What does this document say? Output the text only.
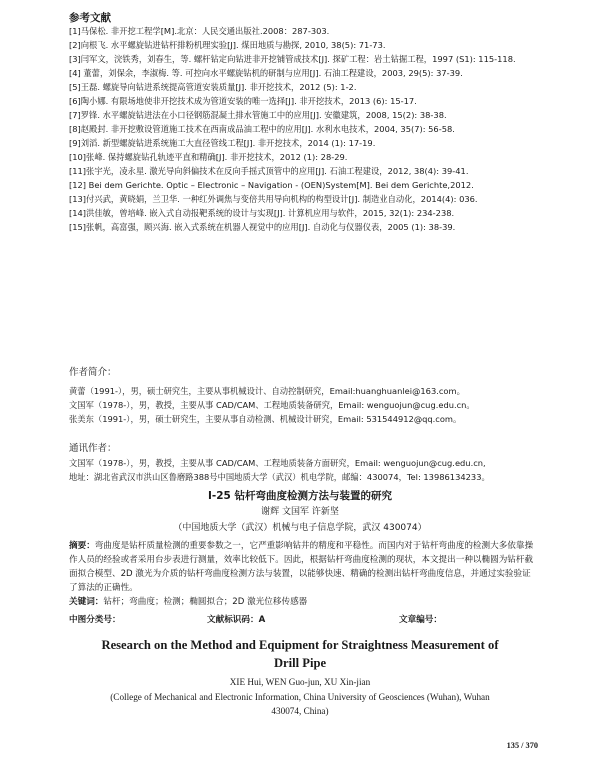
参考文献
[1]马保松. 非开挖工程学[M].北京：人民交通出版社.2008：287-303.
[2]向根飞. 水平螺旋钻进钻杆排粉机理实验[J]. 煤田地质与勘探, 2010, 38(5): 71-73.
[3]闫军文，浣铁秀，刘春生，等. 螺杆钻定向钻进非开挖铺管成技术[J]. 探矿工程：岩土钻掘工程，1997 (S1): 115-118.
[4] 董蕾，刘保余，李淑梅. 等. 可控向水平螺旋钻机的研制与应用[J]. 石油工程建设，2003, 29(5): 37-39.
[5]王磊. 螺旋导向钻进系统提高管道安装质量[J]. 非开挖技术，2012 (5): 1-2.
[6]陶小娜. 有限场地使非开挖技术成为管道安装的唯一选择[J]. 非开挖技术，2013 (6): 15-17.
[7]罗锋. 水平螺旋钻进法在小口径钢筋混凝土排水管施工中的应用[J]. 安徽建筑，2008, 15(2): 38-38.
[8]赵殿封. 非开挖敷设管道施工技术在西南成品油工程中的应用[J]. 水利水电技术，2004, 35(7): 56-58.
[9]刘滔. 新型螺旋钻进系统施工大直径管线工程[J]. 非开挖技术，2014 (1): 17-19.
[10]张峰. 保持螺旋钻孔轨迹平直和精确[J]. 非开挖技术，2012 (1): 28-29.
[11]张宇光，凌永星. 激光导向斜偏技术在反向手摇式顶管中的应用[J]. 石油工程建设，2012, 38(4): 39-41.
[12] Bei dem Gerichte. Optic – Electronic – Navigation - (OEN)System[M]. Bei dem Gerichte,2012.
[13]付兴武，黄晓娟，兰卫华. 一种红外调焦与变倍共用导向机构的构型设计[J]. 制造业自动化，2014(4): 036.
[14]洪佳敏，曾培峰. 嵌入式自动报靶系统的设计与实现[J]. 计算机应用与软件，2015, 32(1): 234-238.
[15]张帆，高富强，顾兴海. 嵌入式系统在机器人视觉中的应用[J]. 自动化与仪器仪表，2005 (1): 38-39.
作者简介：
黄蕾（1991-），男，硕士研究生，主要从事机械设计、自动控制研究，Email:huanghuanlei@163.com。
文国军（1978-），男，教授，主要从事 CAD/CAM、工程地质装备研究，Email: wenguojun@cug.edu.cn。
张美东（1991-），男，硕士研究生，主要从事自动检测、机械设计研究，Email: 531544912@qq.com。
通讯作者：
文国军（1978-），男，教授，主要从事 CAD/CAM、工程地质装备方面研究，Email: wenguojun@cug.edu.cn,
地址：湖北省武汉市洪山区鲁磨路388号中国地质大学（武汉）机电学院，邮编：430074，Tel: 13986134233。
I-25 钻杆弯曲度检测方法与装置的研究
谢辉 文国军 许新坚
（中国地质大学（武汉）机械与电子信息学院，武汉 430074）
摘要：弯曲度是钻杆质量检测的重要参数之一，它严重影响钻井的精度和平稳性。而国内对于钻杆弯曲度的检测大多依靠操作人员的经验或者采用台步表进行测量，效率比较低下。因此，根据钻杆弯曲度检测的现状，本文提出一种以椭圆为钻杆截面拟合模型、2D 激光为介质的钻杆弯曲度检测方法与装置，以能够快速、精确的检测出钻杆弯曲度信息，并通过实验验证了算法的正确性。
关键词：钻杆；弯曲度；检测；椭圆拟合；2D 激光位移传感器
中图分类号：	文献标识码：A	文章编号：
Research on the Method and Equipment for Straightness Measurement of
Drill Pipe
XIE Hui, WEN Guo-jun, XU Xin-jian
(College of Mechanical and Electronic Information, China University of Geosciences (Wuhan), Wuhan
430074, China)
135 / 370
